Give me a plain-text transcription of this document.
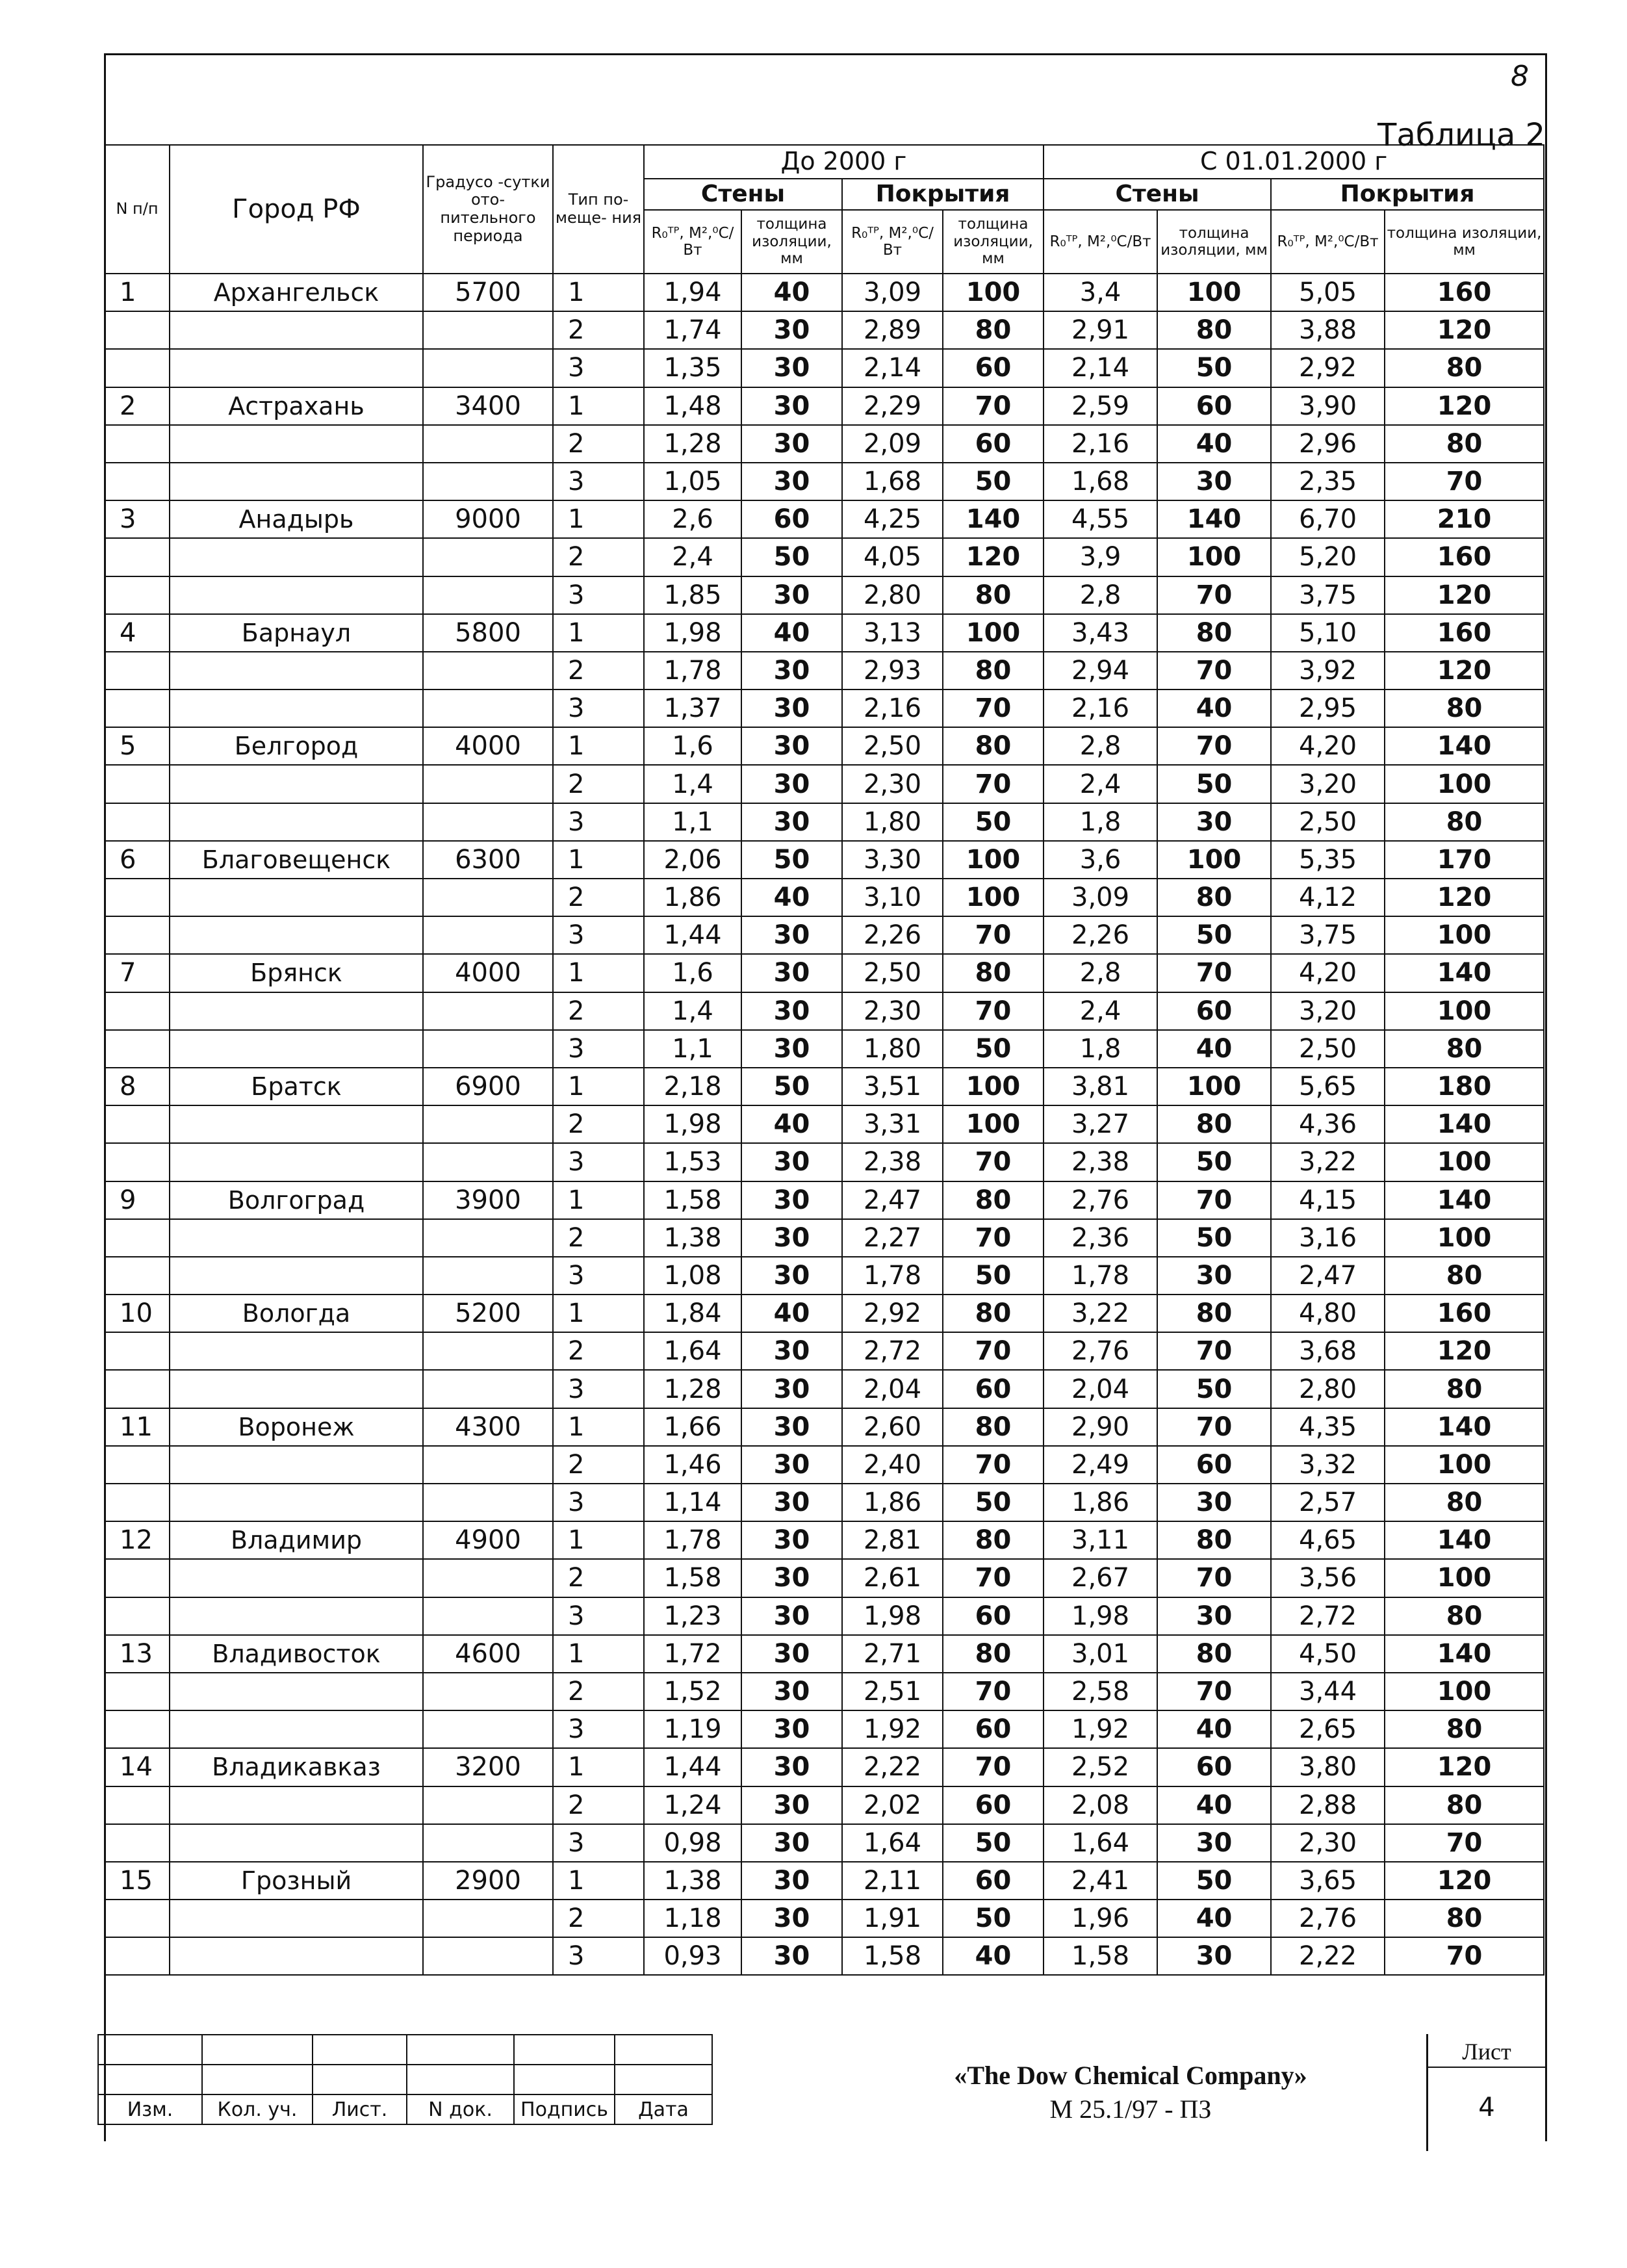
8
Таблица 2
N п/п	Город РФ	Градусо -сутки ото- пительного периода	Тип по- меще- ния	До 2000 г				С 01.01.2000 г			
				Стены		Покрытия		Стены		Покрытия	
				R₀ᵀᴾ, М²,⁰С/Вт	толщина изоляции, мм	R₀ᵀᴾ, М²,⁰С/Вт	толщина изоляции, мм	R₀ᵀᴾ, М²,⁰С/Вт	толщина изоляции, мм	R₀ᵀᴾ, М²,⁰С/Вт	толщина изоляции, мм
1	Архангельск	5700	1	1,94	40	3,09	100	3,4	100	5,05	160
			2	1,74	30	2,89	80	2,91	80	3,88	120
			3	1,35	30	2,14	60	2,14	50	2,92	80
2	Астрахань	3400	1	1,48	30	2,29	70	2,59	60	3,90	120
			2	1,28	30	2,09	60	2,16	40	2,96	80
			3	1,05	30	1,68	50	1,68	30	2,35	70
3	Анадырь	9000	1	2,6	60	4,25	140	4,55	140	6,70	210
			2	2,4	50	4,05	120	3,9	100	5,20	160
			3	1,85	30	2,80	80	2,8	70	3,75	120
4	Барнаул	5800	1	1,98	40	3,13	100	3,43	80	5,10	160
			2	1,78	30	2,93	80	2,94	70	3,92	120
			3	1,37	30	2,16	70	2,16	40	2,95	80
5	Белгород	4000	1	1,6	30	2,50	80	2,8	70	4,20	140
			2	1,4	30	2,30	70	2,4	50	3,20	100
			3	1,1	30	1,80	50	1,8	30	2,50	80
6	Благовещенск	6300	1	2,06	50	3,30	100	3,6	100	5,35	170
			2	1,86	40	3,10	100	3,09	80	4,12	120
			3	1,44	30	2,26	70	2,26	50	3,75	100
7	Брянск	4000	1	1,6	30	2,50	80	2,8	70	4,20	140
			2	1,4	30	2,30	70	2,4	60	3,20	100
			3	1,1	30	1,80	50	1,8	40	2,50	80
8	Братск	6900	1	2,18	50	3,51	100	3,81	100	5,65	180
			2	1,98	40	3,31	100	3,27	80	4,36	140
			3	1,53	30	2,38	70	2,38	50	3,22	100
9	Волгоград	3900	1	1,58	30	2,47	80	2,76	70	4,15	140
			2	1,38	30	2,27	70	2,36	50	3,16	100
			3	1,08	30	1,78	50	1,78	30	2,47	80
10	Вологда	5200	1	1,84	40	2,92	80	3,22	80	4,80	160
			2	1,64	30	2,72	70	2,76	70	3,68	120
			3	1,28	30	2,04	60	2,04	50	2,80	80
11	Воронеж	4300	1	1,66	30	2,60	80	2,90	70	4,35	140
			2	1,46	30	2,40	70	2,49	60	3,32	100
			3	1,14	30	1,86	50	1,86	30	2,57	80
12	Владимир	4900	1	1,78	30	2,81	80	3,11	80	4,65	140
			2	1,58	30	2,61	70	2,67	70	3,56	100
			3	1,23	30	1,98	60	1,98	30	2,72	80
13	Владивосток	4600	1	1,72	30	2,71	80	3,01	80	4,50	140
			2	1,52	30	2,51	70	2,58	70	3,44	100
			3	1,19	30	1,92	60	1,92	40	2,65	80
14	Владикавказ	3200	1	1,44	30	2,22	70	2,52	60	3,80	120
			2	1,24	30	2,02	60	2,08	40	2,88	80
			3	0,98	30	1,64	50	1,64	30	2,30	70
15	Грозный	2900	1	1,38	30	2,11	60	2,41	50	3,65	120
			2	1,18	30	1,91	50	1,96	40	2,76	80
			3	0,93	30	1,58	40	1,58	30	2,22	70

Изм.	Кол. уч.	Лист.	N док.	Подпись	Дата
«The Dow Chemical Company»
М 25.1/97 - ПЗ
Лист
4
